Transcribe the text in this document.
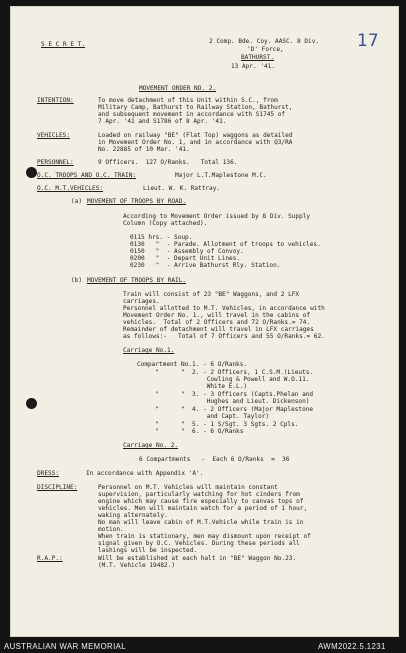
17
S E C R E T.	2 Comp. Bde. Coy. AASC. 8 Div.
'D' Force,
BATHURST.
13 Apr. '41.
MOVEMENT ORDER NO. 2.
INTENTION:	To move detachment of this Unit within S.C., from
Military Camp, Bathurst to Railway Station, Bathurst,
and subsequent movement in accordance with S1745 of
7 Apr. '41 and S1786 of 8 Apr. '41.
VEHICLES:	Loaded on railway "BE" (Flat Top) waggons as detailed
in Movement Order No. 1, and in accordance with Q3/RA
No. 22885 of 10 Mar. '41.
PERSONNEL:	9 Officers.  127 O/Ranks.   Total 136.
O.C. TROOPS AND O.C. TRAIN:	Major L.T.Maplestone M.C.
O.C. M.T.VEHICLES:	Lieut. W. K. Rattray.
(a) MOVEMENT OF TROOPS BY ROAD.
According to Movement Order issued by 8 Div. Supply
Column (Copy attached).
0115 hrs. - Soup.
0130   "  - Parade. Allotment of troops to vehicles.
0150   "  - Assembly of Convoy.
0200   "  - Depart Unit Lines.
0230   "  - Arrive Bathurst Rly. Station.
(b) MOVEMENT OF TROOPS BY RAIL.
Train will consist of 23 "BE" Waggons, and 2 LFX
carriages.
Personnel allotted to M.T. Vehicles, in accordance with
Movement Order No. 1., will travel in the cabins of
vehicles.  Total of 2 Officers and 72 O/Ranks.= 74.
Remainder of detachment will travel in LFX carriages
as follows:-   Total of 7 Officers and 55 O/Ranks.= 62.
Carriage No.1.
Compartment No.1. - 6 O/Ranks.
"      "  2. - 2 Officers, 1 C.S.M.(Lieuts.
Cowling & Powell and W.O.11.
White E.L.)
"      "  3. - 3 Officers (Capts.Phelan and
Hughes and Lieut. Dickenson)
"      "  4. - 2 Officers (Major Maplestone
and Capt. Taylor)
"      "  5. - 1 S/Sgt. 3 Sgts. 2 Cpls.
"      "  6. - 6 O/Ranks
Carriage No. 2.
6 Compartments   -  Each 6 O/Ranks  =  36
DRESS:	In accordance with Appendix 'A'.
DISCIPLINE:	Personnel on M.T. Vehicles will maintain constant
supervision, particularly watching for hot cinders from
engine which may cause fire especially to canvas tops of
vehicles. Men will maintain watch for a period of 1 hour,
waking alternately.
No man will leave cabin of M.T.Vehicle while train is in
motion.
When train is stationary, men may dismount upon receipt of
signal given by O.C. Vehicles. During these periods all
lashings will be inspected.
R.A.P.:	Will be established at each halt in "BE" Waggon No.23.
(M.T. Vehicle 19482.)
AUSTRALIAN WAR MEMORIAL	AWM2022.5.1231
